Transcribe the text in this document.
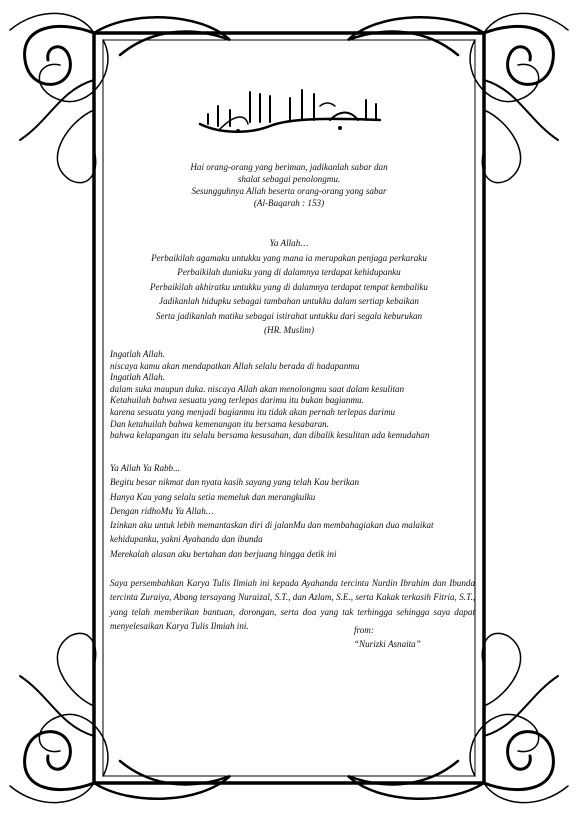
Hai orang-orang yang beriman, jadikanlah sabar dan
shalat sebagai penolongmu.
Sesungguhnya Allah beserta orang-orang yang sabar
(Al-Baqarah : 153)
Ya Allah…
Perbaikilah agamaku untukku yang mana ia merupakan penjaga perkaraku
Perbaikilah duniaku yang di dalamnya terdapat kehidupanku
Perbaikilah akhiratku untukku yang di dalamnya terdapat tempat kembaliku
Jadikanlah hidupku sebagai tambahan untukku dalam sertiap kebaikan
Serta jadikanlah matiku sebagai istirahat untukku dari segala keburukan
(HR. Muslim)
Ingatlah Allah.
niscaya kamu akan mendapatkan Allah selalu berada di hadapanmu
Ingatlah Allah.
dalam suka maupun duka. niscaya Allah akan menolongmu saat dalam kesulitan
Ketahuilah bahwa sesuatu yang terlepas darimu itu bukan bagianmu.
karena sesuatu yang menjadi bagianmu itu tidak akan pernah terlepas darimu
Dan ketahuilah bahwa kemenangan itu bersama kesabaran.
bahwa kelapangan itu selalu bersama kesusahan, dan dibalik kesulitan ada kemudahan
Ya Allah Ya Rabb...
Begitu besar nikmat dan nyata kasih sayang yang telah Kau berikan
Hanya Kau yang selalu setia memeluk dan merangkulku
Dengan ridhoMu Ya Allah…
Izinkan aku untuk lebih memantaskan diri di jalanMu dan membahagiakan dua malaikat
kehidupanku, yakni Ayahanda dan ibunda
Merekalah alasan aku bertahan dan berjuang hingga detik ini

Saya persembahkan Karya Tulis Ilmiah ini kepada Ayahanda tercinta Nurdin Ibrahim dan Ibunda tercinta Zuraiya, Abang tersayang Nuraizal, S.T., dan Azlam, S.E., serta Kakak terkasih Fitria, S.T., yang telah memberikan bantuan, dorongan, serta doa yang tak terhingga sehingga saya dapat menyelesaikan Karya Tulis Ilmiah ini.	from:
“Nurizki Asnaita”
